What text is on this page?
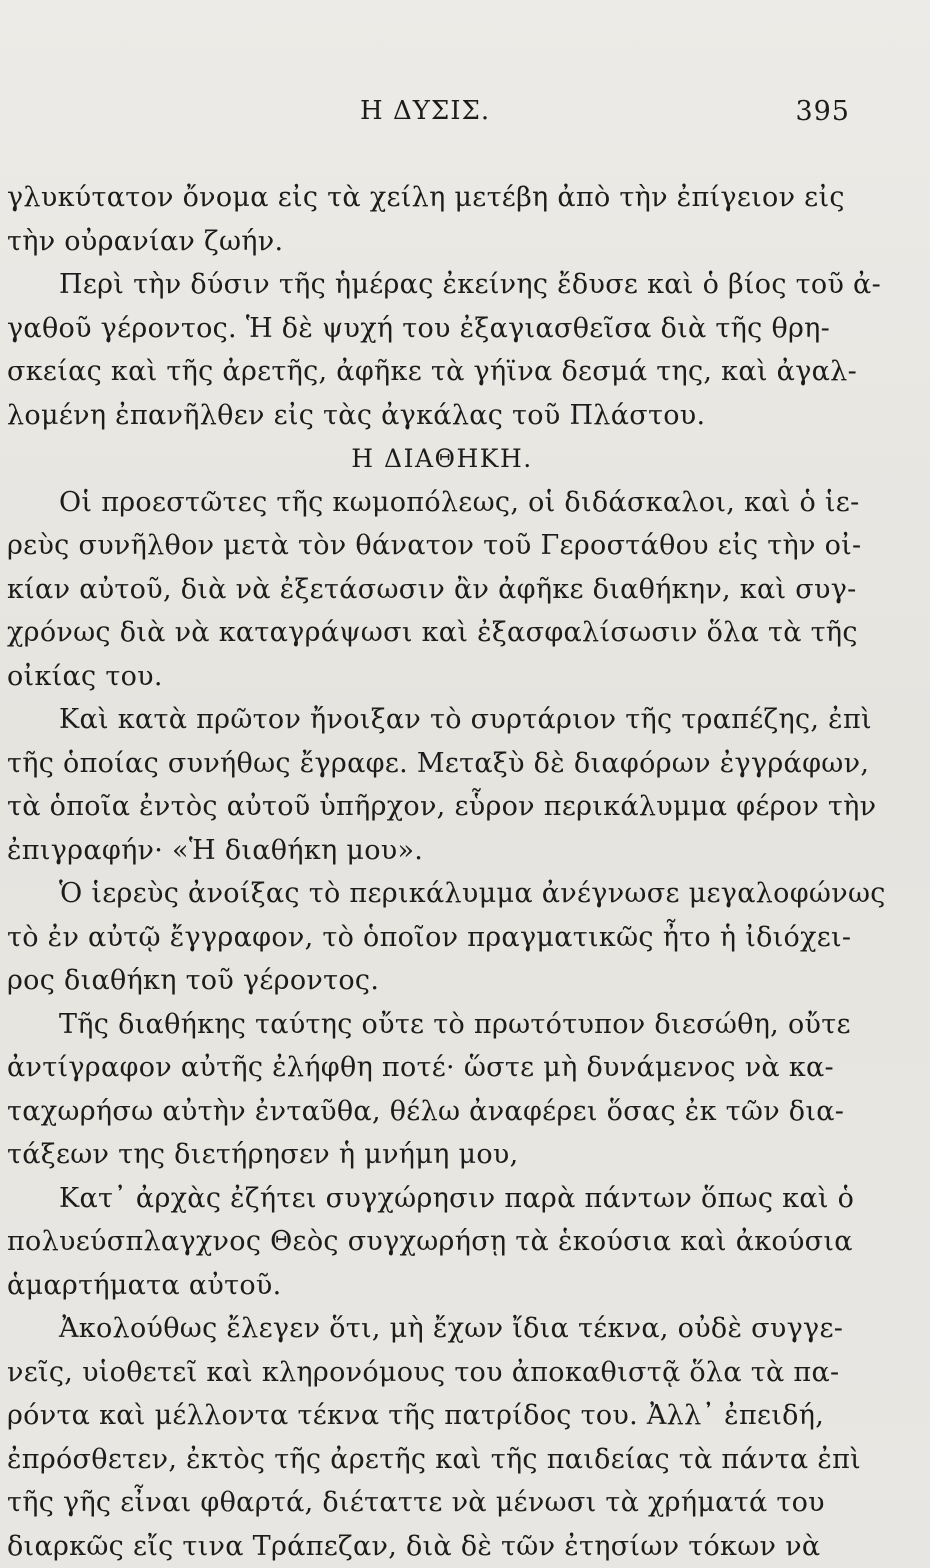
Η ΔΥΣΙΣ.	395
γλυκύτατον ὄνομα εἰς τὰ χείλη μετέβη ἀπὸ τὴν ἐπίγειον εἰς
τὴν οὐρανίαν ζωήν.
Περὶ τὴν δύσιν τῆς ἡμέρας ἐκείνης ἔδυσε καὶ ὁ βίος τοῦ ἀ-
γαθοῦ γέροντος. Ἡ δὲ ψυχή του ἐξαγιασθεῖσα διὰ τῆς θρη-
σκείας καὶ τῆς ἀρετῆς, ἀφῆκε τὰ γήϊνα δεσμά της, καὶ ἀγαλ-
λομένη ἐπανῆλθεν εἰς τὰς ἀγκάλας τοῦ Πλάστου.
Η ΔΙΑΘΗΚΗ.
Οἱ προεστῶτες τῆς κωμοπόλεως, οἱ διδάσκαλοι, καὶ ὁ ἱε-
ρεὺς συνῆλθον μετὰ τὸν θάνατον τοῦ Γεροστάθου εἰς τὴν οἰ-
κίαν αὐτοῦ, διὰ νὰ ἐξετάσωσιν ἂν ἀφῆκε διαθήκην, καὶ συγ-
χρόνως διὰ νὰ καταγράψωσι καὶ ἐξασφαλίσωσιν ὅλα τὰ τῆς
οἰκίας του.
Καὶ κατὰ πρῶτον ἤνοιξαν τὸ συρτάριον τῆς τραπέζης, ἐπὶ
τῆς ὁποίας συνήθως ἔγραφε. Μεταξὺ δὲ διαφόρων ἐγγράφων,
τὰ ὁποῖα ἐντὸς αὐτοῦ ὑπῆρχον, εὗρον περικάλυμμα φέρον τὴν
ἐπιγραφήν· «Ἡ διαθήκη μου».
Ὁ ἱερεὺς ἀνοίξας τὸ περικάλυμμα ἀνέγνωσε μεγαλοφώνως
τὸ ἐν αὐτῷ ἔγγραφον, τὸ ὁποῖον πραγματικῶς ἦτο ἡ ἰδιόχει-
ρος διαθήκη τοῦ γέροντος.
Τῆς διαθήκης ταύτης οὔτε τὸ πρωτότυπον διεσώθη, οὔτε
ἀντίγραφον αὐτῆς ἐλήφθη ποτέ· ὥστε μὴ δυνάμενος νὰ κα-
ταχωρήσω αὐτὴν ἐνταῦθα, θέλω ἀναφέρει ὅσας ἐκ τῶν δια-
τάξεων της διετήρησεν ἡ μνήμη μου,
Κατ᾽ ἀρχὰς ἐζήτει συγχώρησιν παρὰ πάντων ὅπως καὶ ὁ
πολυεύσπλαγχνος Θεὸς συγχωρήσῃ τὰ ἑκούσια καὶ ἀκούσια
ἁμαρτήματα αὐτοῦ.
Ἀκολούθως ἔλεγεν ὅτι, μὴ ἔχων ἴδια τέκνα, οὐδὲ συγγε-
νεῖς, υἱοθετεῖ καὶ κληρονόμους του ἀποκαθιστᾷ ὅλα τὰ πα-
ρόντα καὶ μέλλοντα τέκνα τῆς πατρίδος του. Ἀλλ᾽ ἐπειδή,
ἐπρόσθετεν, ἐκτὸς τῆς ἀρετῆς καὶ τῆς παιδείας τὰ πάντα ἐπὶ
τῆς γῆς εἶναι φθαρτά, διέταττε νὰ μένωσι τὰ χρήματά του
διαρκῶς εἴς τινα Τράπεζαν, διὰ δὲ τῶν ἐτησίων τόκων νὰ
